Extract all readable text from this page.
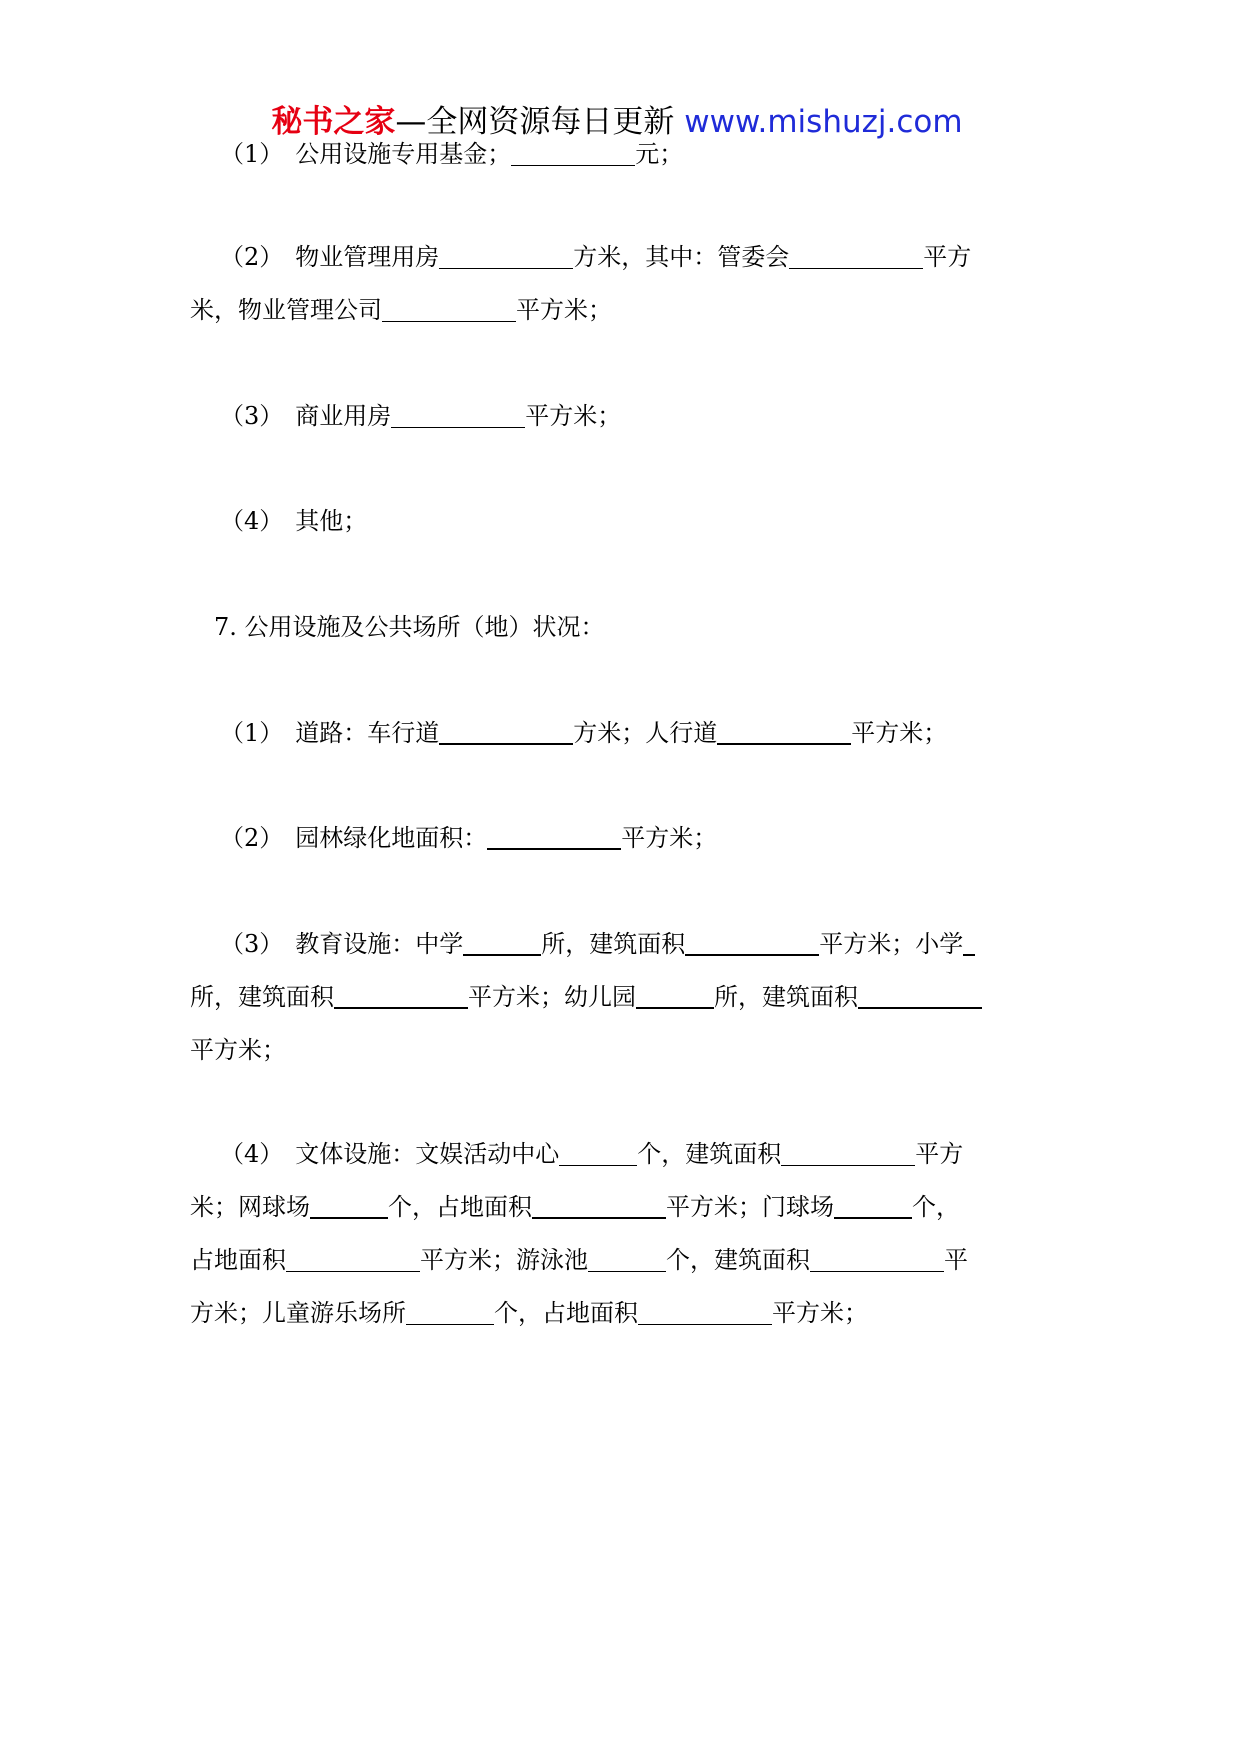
秘书之家—全网资源每日更新 www.mishuzj.com
（1）　公用设施专用基金；	元；
（2）　物业管理用房	方米，其中：管委会	平方
米，物业管理公司	平方米；
（3）　商业用房	平方米；
（4）　其他；
7. 公用设施及公共场所（地）状况：
（1）　道路：车行道	方米；人行道	平方米；
（2）　园林绿化地面积：	平方米；
（3）　教育设施：中学	所，建筑面积	平方米；小学
所，建筑面积	平方米；幼儿园	所，建筑面积
平方米；
（4）　文体设施：文娱活动中心	个，建筑面积	平方
米；网球场	个，占地面积	平方米；门球场	个，
占地面积	平方米；游泳池	个，建筑面积	平
方米；儿童游乐场所	个，占地面积	平方米；
